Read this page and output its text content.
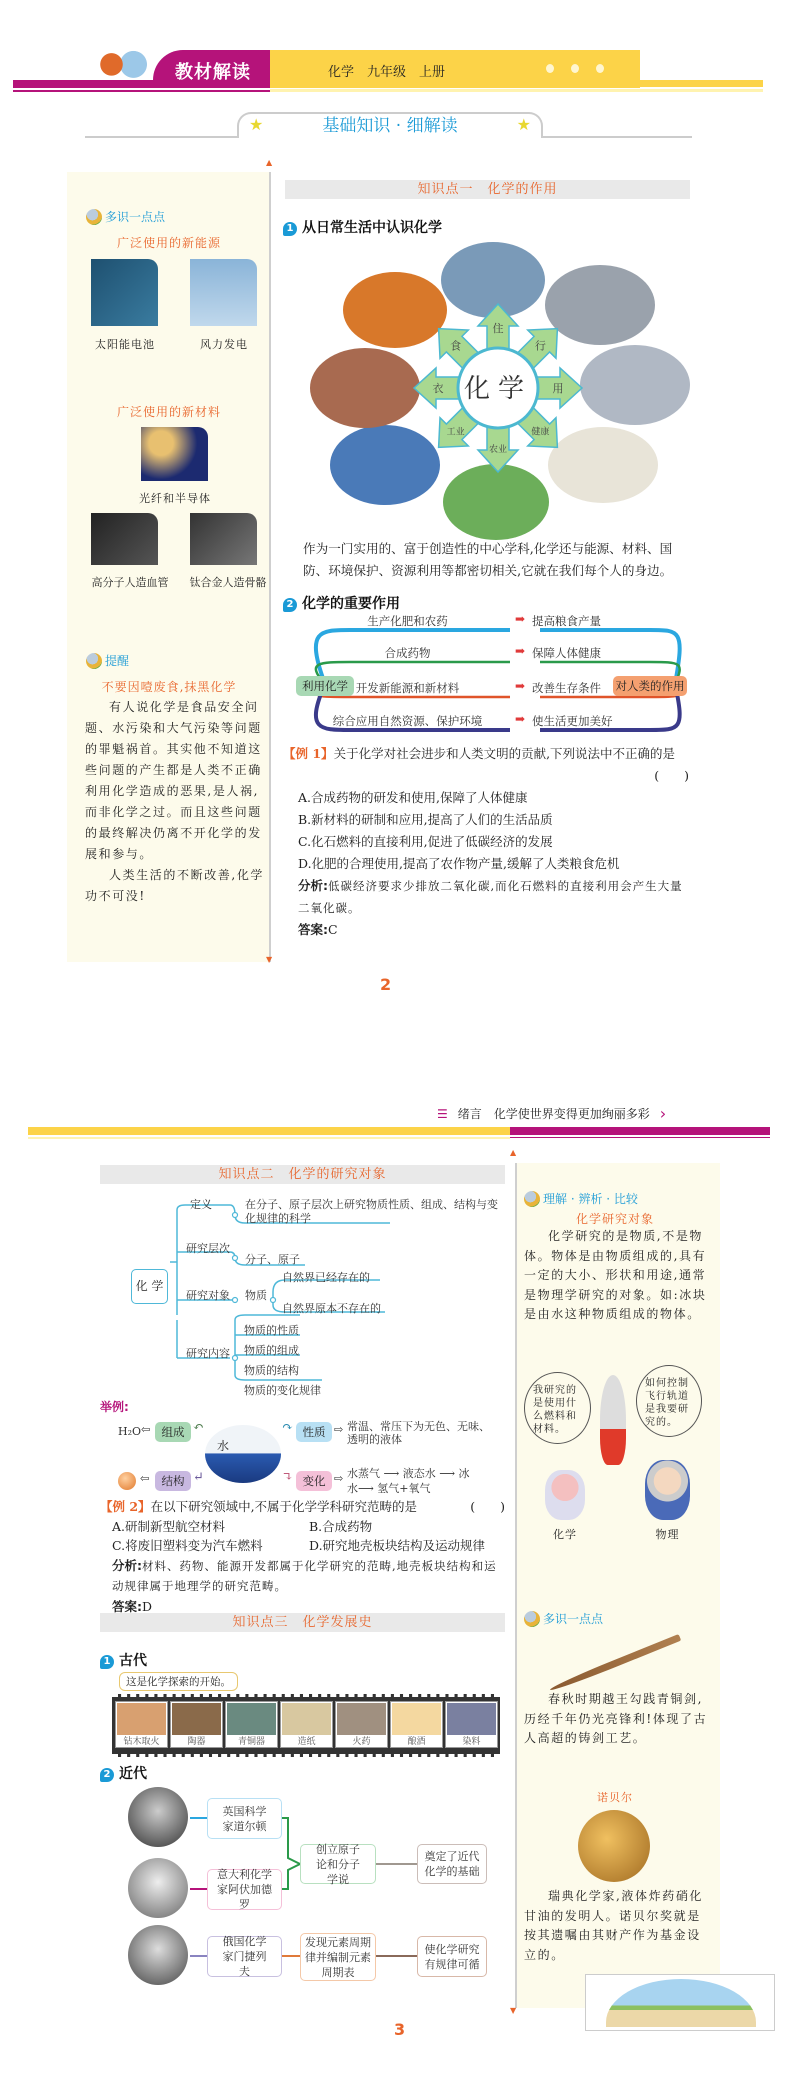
教材解读	化学　九年级　上册
★	基础知识 · 细解读	★
▲
多识一点点
广泛使用的新能源
太阳能电池	风力发电
广泛使用的新材料
光纤和半导体
高分子人造血管	钛合金人造骨骼
提醒
不要因噎废食,抹黑化学

有人说化学是食品安全问题、水污染和大气污染等问题的罪魁祸首。其实他不知道这些问题的产生都是人类不正确利用化学造成的恶果,是人祸,而非化学之过。而且这些问题的最终解决仍离不开化学的发展和参与。

人类生活的不断改善,化学功不可没!

知识点一　化学的作用
1 从日常生活中认识化学
住
行
用
健康
农业
工业
衣
食
化学
作为一门实用的、富于创造性的中心学科,化学还与能源、材料、国防、环境保护、资源利用等都密切相关,它就在我们每个人的身边。
2 化学的重要作用
利用化学	对人类的作用
生产化肥和农药	➡ 提高粮食产量
合成药物	➡ 保障人体健康
开发新能源和新材料	➡ 改善生存条件
综合应用自然资源、保护环境	➡ 使生活更加美好
【例 1】关于化学对社会进步和人类文明的贡献,下列说法中不正确的是
(　　)
A.合成药物的研发和使用,保障了人体健康
B.新材料的研制和应用,提高了人们的生活品质
C.化石燃料的直接利用,促进了低碳经济的发展
D.化肥的合理使用,提高了农作物产量,缓解了人类粮食危机
分析:低碳经济要求少排放二氧化碳,而化石燃料的直接利用会产生大量二氧化碳。
答案:C
▼
2
☰ 绪言　化学使世界变得更加绚丽多彩 ›
▲
▼
理解 · 辨析 · 比较
化学研究对象

化学研究的是物质,不是物体。物体是由物质组成的,具有一定的大小、形状和用途,通常是物理学研究的对象。如:冰块是由水这种物质组成的物体。

我研究的是使用什么燃料和材料。
如何控制飞行轨道是我要研究的。
化学	物理
多识一点点

春秋时期越王勾践青铜剑,历经千年仍光亮锋利!体现了古人高超的铸剑工艺。

诺贝尔

瑞典化学家,液体炸药硝化甘油的发明人。诺贝尔奖就是按其遗嘱由其财产作为基金设立的。

知识点二　化学的研究对象
化 学
定义	在分子、原子层次上研究物质性质、组成、结构与变化规律的科学
研究层次
分子、原子
研究对象 物质
自然界已经存在的
自然界原本不存在的
研究内容
物质的性质
物质的组成
物质的结构
物质的变化规律
举例:
水
H₂O ⇦ 组成 ↶
⇦	结构 ↵
↷ 性质 ⇨ 常温、常压下为无色、无味、透明的液体
↴ 变化 ⇨ 水蒸气 ⟶ 液态水 ⟶ 冰
水⟶ 氢气+氧气
【例 2】在以下研究领域中,不属于化学学科研究范畴的是	(　　)
A.研制新型航空材料	B.合成药物
C.将废旧塑料变为汽车燃料	D.研究地壳板块结构及运动规律
分析:材料、药物、能源开发都属于化学研究的范畴,地壳板块结构和运动规律属于地理学的研究范畴。
答案:D
知识点三　化学发展史
1 古代
这是化学探索的开始。
钻木取火	陶器	青铜器	造纸	火药	酿酒	染料
2 近代
英国科学家道尔顿
意大利化学家阿伏加德罗
创立原子论和分子学说
奠定了近代化学的基础
俄国化学家门捷列夫
发现元素周期律并编制元素周期表
使化学研究有规律可循
3
